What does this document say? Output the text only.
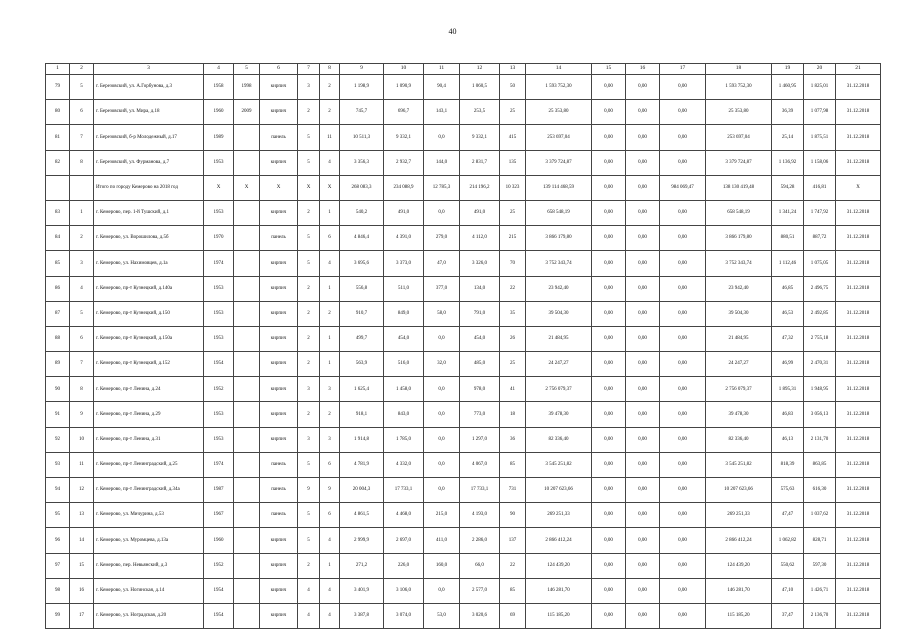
40
1	2	3	4	5	6	7	8	9	10	11	12	13	14	15	16	17	18	19	20	21
79	5	г. Березовский, ул. А.Горбунова, д.3	1958	1998	кирпич	3	2	1 198,9	1 090,9	90,4	1 060,5	50	1 593 752,30	0,00	0,00	0,00	1 593 752,30	1 460,95	1 825,01	31.12.2018
80	6	г. Березовский, ул. Мира, д.18	1960	2009	кирпич	2	2	745,7	696,7	143,1	253,5	25	25 353,80	0,00	0,00	0,00	25 353,80	36,39	1 077,98	31.12.2018
81	7	г. Березовский, б-р Молодежный, д.17	1989		панель	5	11	10 511,3	9 332,1	0,0	9 332,1	415	253 697,04	0,00	0,00	0,00	253 697,04	25,14	1 875,51	31.12.2018
82	8	г. Березовский, ул. Фурманова, д.7	1953		кирпич	5	4	3 356,3	2 932,7	144,0	2 831,7	135	3 379 724,87	0,00	0,00	0,00	3 379 724,87	1 136,92	1 158,06	31.12.2018
		Итого по городу Кемерово на 2018 год	X	X	X	X	X	268 083,3	234 088,9	12 785,3	214 196,2	10 323	139 114 468,59	0,00	0,00	984 069,47	138 130 419,48	594,28	416,81	X
83	1	г. Кемерово, пер. 1-й Тушский, д.1	1953		кирпич	2	1	540,2	491,0	0,0	491,0	25	658 548,19	0,00	0,00	0,00	658 548,19	1 341,24	1 747,92	31.12.2018
84	2	г. Кемерово, ул. Ворошилова, д.5б	1970		панель	5	6	4 846,4	4 391,0	279,0	4 112,0	215	3 866 179,80	0,00	0,00	0,00	3 866 179,80	880,51	887,72	31.12.2018
85	3	г. Кемерово, ул. Нахимовцев, д.1а	1974		кирпич	5	4	3 695,6	3 373,0	47,0	3 326,0	70	3 752 343,74	0,00	0,00	0,00	3 752 343,74	1 112,46	1 075,05	31.12.2018
86	4	г. Кемерово, пр-т Кузнецкий, д.140а	1953		кирпич	2	1	556,8	511,0	377,0	134,0	22	23 942,40	0,00	0,00	0,00	23 942,40	46,85	2 496,75	31.12.2018
87	5	г. Кемерово, пр-т Кузнецкий, д.150	1953		кирпич	2	2	910,7	849,0	58,0	791,0	35	39 504,30	0,00	0,00	0,00	39 504,30	46,53	2 492,85	31.12.2018
88	6	г. Кемерово, пр-т Кузнецкий, д.150а	1953		кирпич	2	1	499,7	454,0	0,0	454,0	26	21 484,95	0,00	0,00	0,00	21 484,95	47,32	2 755,18	31.12.2018
89	7	г. Кемерово, пр-т Кузнецкий, д.152	1954		кирпич	2	1	563,9	516,0	32,0	485,0	25	24 247,27	0,00	0,00	0,00	24 247,27	46,99	2 470,31	31.12.2018
90	8	г. Кемерово, пр-т Ленина, д.24	1952		кирпич	3	3	1 625,4	1 458,0	0,0	978,0	41	2 756 079,37	0,00	0,00	0,00	2 756 079,37	1 895,31	1 948,95	31.12.2018
91	9	г. Кемерово, пр-т Ленина, д.29	1953		кирпич	2	2	918,1	843,0	0,0	773,0	18	39 478,30	0,00	0,00	0,00	39 478,30	46,83	3 056,13	31.12.2018
92	10	г. Кемерово, пр-т Ленина, д.31	1953		кирпич	3	3	1 914,8	1 785,0	0,0	1 297,0	36	82 336,40	0,00	0,00	0,00	82 336,40	46,13	2 131,70	31.12.2018
93	11	г. Кемерово, пр-т Ленинградский, д.25	1974		панель	5	6	4 781,9	4 332,0	0,0	4 067,0	85	3 545 251,82	0,00	0,00	0,00	3 545 251,82	818,39	863,85	31.12.2018
94	12	г. Кемерово, пр-т Ленинградский, д.34а	1987		панель	9	9	20 004,3	17 733,1	0,0	17 733,1	731	10 207 623,66	0,00	0,00	0,00	10 207 623,66	575,63	616,30	31.12.2018
95	13	г. Кемерово, ул. Мичурина, д.53	1967		панель	5	6	4 861,5	4 468,0	215,0	4 193,0	90	269 251,33	0,00	0,00	0,00	269 251,33	47,47	1 037,62	31.12.2018
96	14	г. Кемерово, ул. Муромцева, д.13а	1960		кирпич	5	4	2 999,9	2 697,0	411,0	2 286,0	137	2 866 412,24	0,00	0,00	0,00	2 866 412,24	1 062,82	828,71	31.12.2018
97	15	г. Кемерово, пер. Невьянский, д.3	1952		кирпич	2	1	271,2	226,0	160,0	66,0	22	124 439,20	0,00	0,00	0,00	124 439,20	550,62	597,30	31.12.2018
98	16	г. Кемерово, ул. Ногинская, д.14	1954		кирпич	4	4	3 401,9	3 106,0	0,0	2 577,0	85	146 281,70	0,00	0,00	0,00	146 281,70	47,10	1 426,71	31.12.2018
99	17	г. Кемерово, ул. Ноградская, д.20	1954		кирпич	4	4	3 387,8	3 074,0	53,0	3 020,6	69	115 185,20	0,00	0,00	0,00	115 185,20	37,47	2 136,70	31.12.2018
